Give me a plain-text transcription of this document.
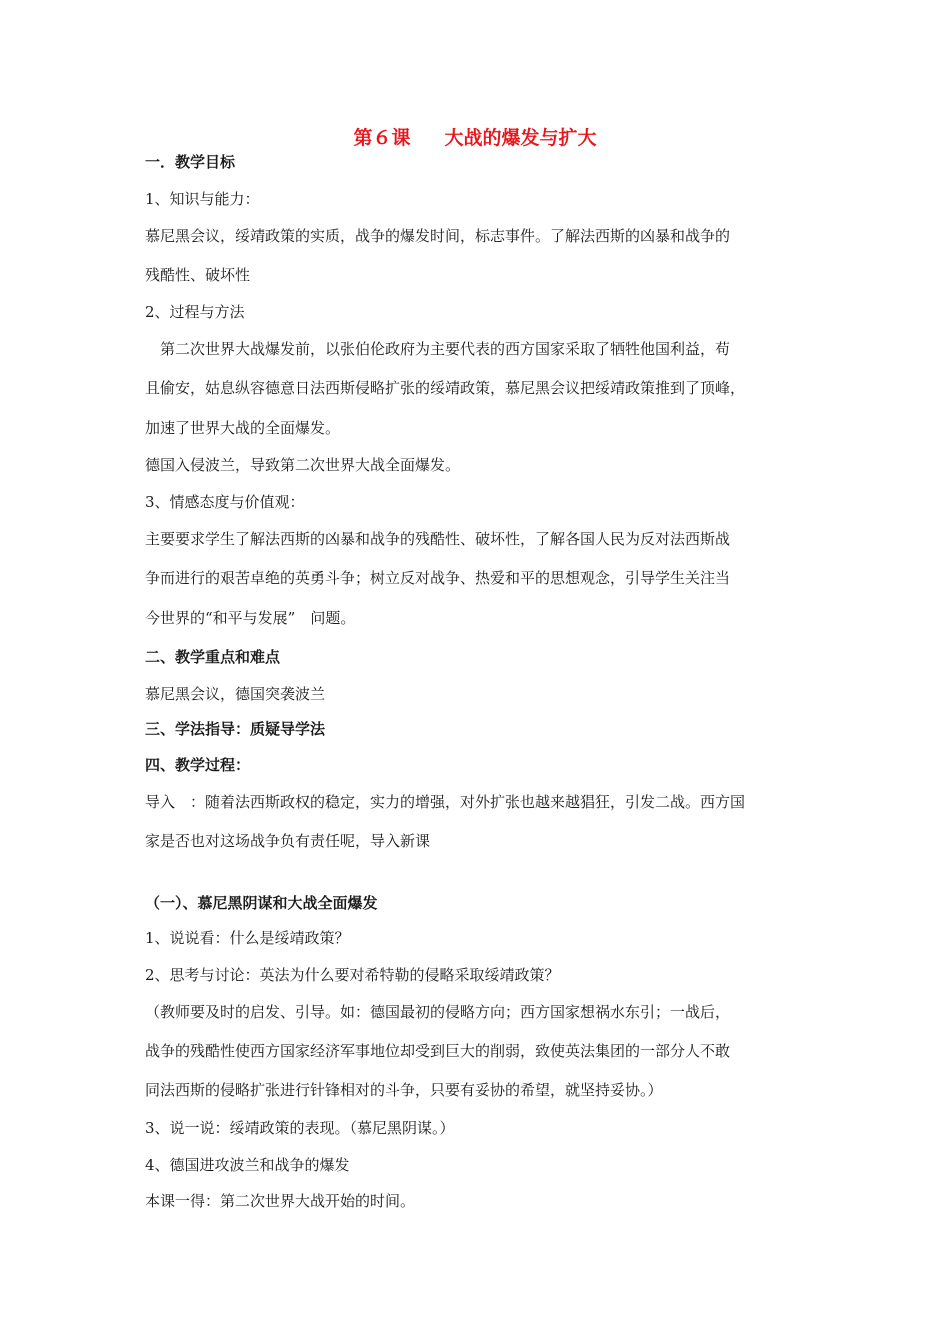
第６课 大战的爆发与扩大
一．教学目标
1、知识与能力：
慕尼黑会议，绥靖政策的实质，战争的爆发时间，标志事件。了解法西斯的凶暴和战争的
残酷性、破坏性
2、过程与方法
　第二次世界大战爆发前，以张伯伦政府为主要代表的西方国家采取了牺牲他国利益，苟
且偷安，姑息纵容德意日法西斯侵略扩张的绥靖政策，慕尼黑会议把绥靖政策推到了顶峰，
加速了世界大战的全面爆发。
德国入侵波兰，导致第二次世界大战全面爆发。
3、情感态度与价值观：
主要要求学生了解法西斯的凶暴和战争的残酷性、破坏性，了解各国人民为反对法西斯战
争而进行的艰苦卓绝的英勇斗争；树立反对战争、热爱和平的思想观念，引导学生关注当
今世界的“和平与发展”　问题。
二、教学重点和难点
慕尼黑会议，德国突袭波兰
三、学法指导：质疑导学法
四、教学过程：
导入　：随着法西斯政权的稳定，实力的增强，对外扩张也越来越猖狂，引发二战。西方国
家是否也对这场战争负有责任呢，导入新课
（一）、慕尼黑阴谋和大战全面爆发
1、说说看：什么是绥靖政策？
2、思考与讨论：英法为什么要对希特勒的侵略采取绥靖政策？
（教师要及时的启发、引导。如：德国最初的侵略方向；西方国家想祸水东引；一战后，
战争的残酷性使西方国家经济军事地位却受到巨大的削弱，致使英法集团的一部分人不敢
同法西斯的侵略扩张进行针锋相对的斗争，只要有妥协的希望，就坚持妥协。）
3、说一说：绥靖政策的表现。（慕尼黑阴谋。）
4、德国进攻波兰和战争的爆发
本课一得：第二次世界大战开始的时间。
